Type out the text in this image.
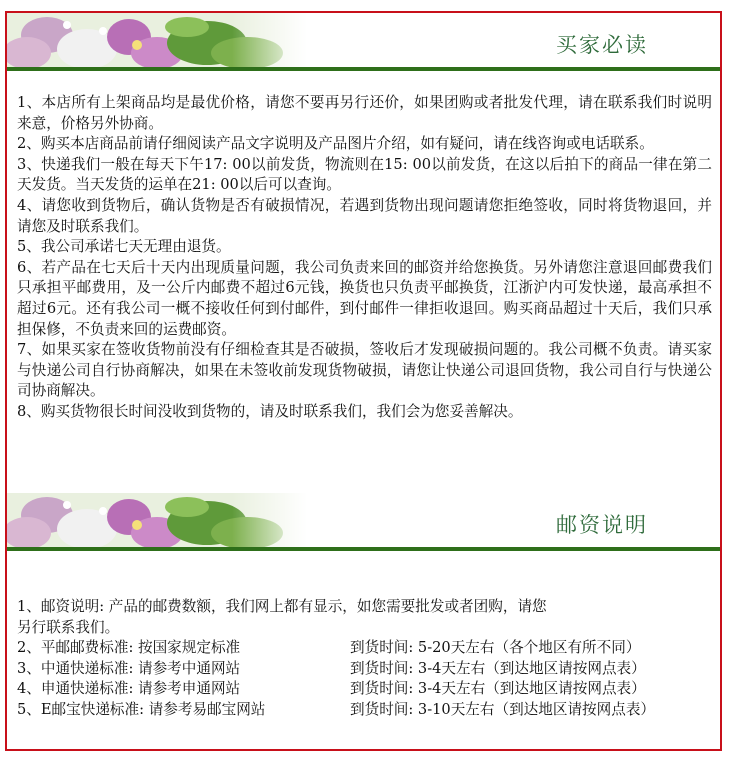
买家必读

1、本店所有上架商品均是最优价格，请您不要再另行还价，如果团购或者批发代理，请在联系我们时说明来意，价格另外协商。

2、购买本店商品前请仔细阅读产品文字说明及产品图片介绍，如有疑问，请在线咨询或电话联系。

3、快递我们一般在每天下午17: 00以前发货，物流则在15: 00以前发货，在这以后拍下的商品一律在第二天发货。当天发货的运单在21: 00以后可以查询。

4、请您收到货物后，确认货物是否有破损情况，若遇到货物出现问题请您拒绝签收，同时将货物退回，并请您及时联系我们。

5、我公司承诺七天无理由退货。

6、若产品在七天后十天内出现质量问题，我公司负责来回的邮资并给您换货。另外请您注意退回邮费我们只承担平邮费用，及一公斤内邮费不超过6元钱，换货也只负责平邮换货，江浙沪内可发快递，最高承担不超过6元。还有我公司一概不接收任何到付邮件，到付邮件一律拒收退回。购买商品超过十天后，我们只承担保修，不负责来回的运费邮资。

7、如果买家在签收货物前没有仔细检查其是否破损，签收后才发现破损问题的。我公司概不负责。请买家与快递公司自行协商解决，如果在未签收前发现货物破损，请您让快递公司退回货物，我公司自行与快递公司协商解决。

8、购买货物很长时间没收到货物的，请及时联系我们，我们会为您妥善解决。

邮资说明

1、邮资说明: 产品的邮费数额，我们网上都有显示，如您需要批发或者团购，请您

另行联系我们。

2、平邮邮费标准: 按国家规定标准	到货时间: 5-20天左右（各个地区有所不同）
3、中通快递标准: 请参考中通网站	到货时间: 3-4天左右（到达地区请按网点表）
4、申通快递标准: 请参考申通网站	到货时间: 3-4天左右（到达地区请按网点表）
5、E邮宝快递标准: 请参考易邮宝网站	到货时间: 3-10天左右（到达地区请按网点表）
